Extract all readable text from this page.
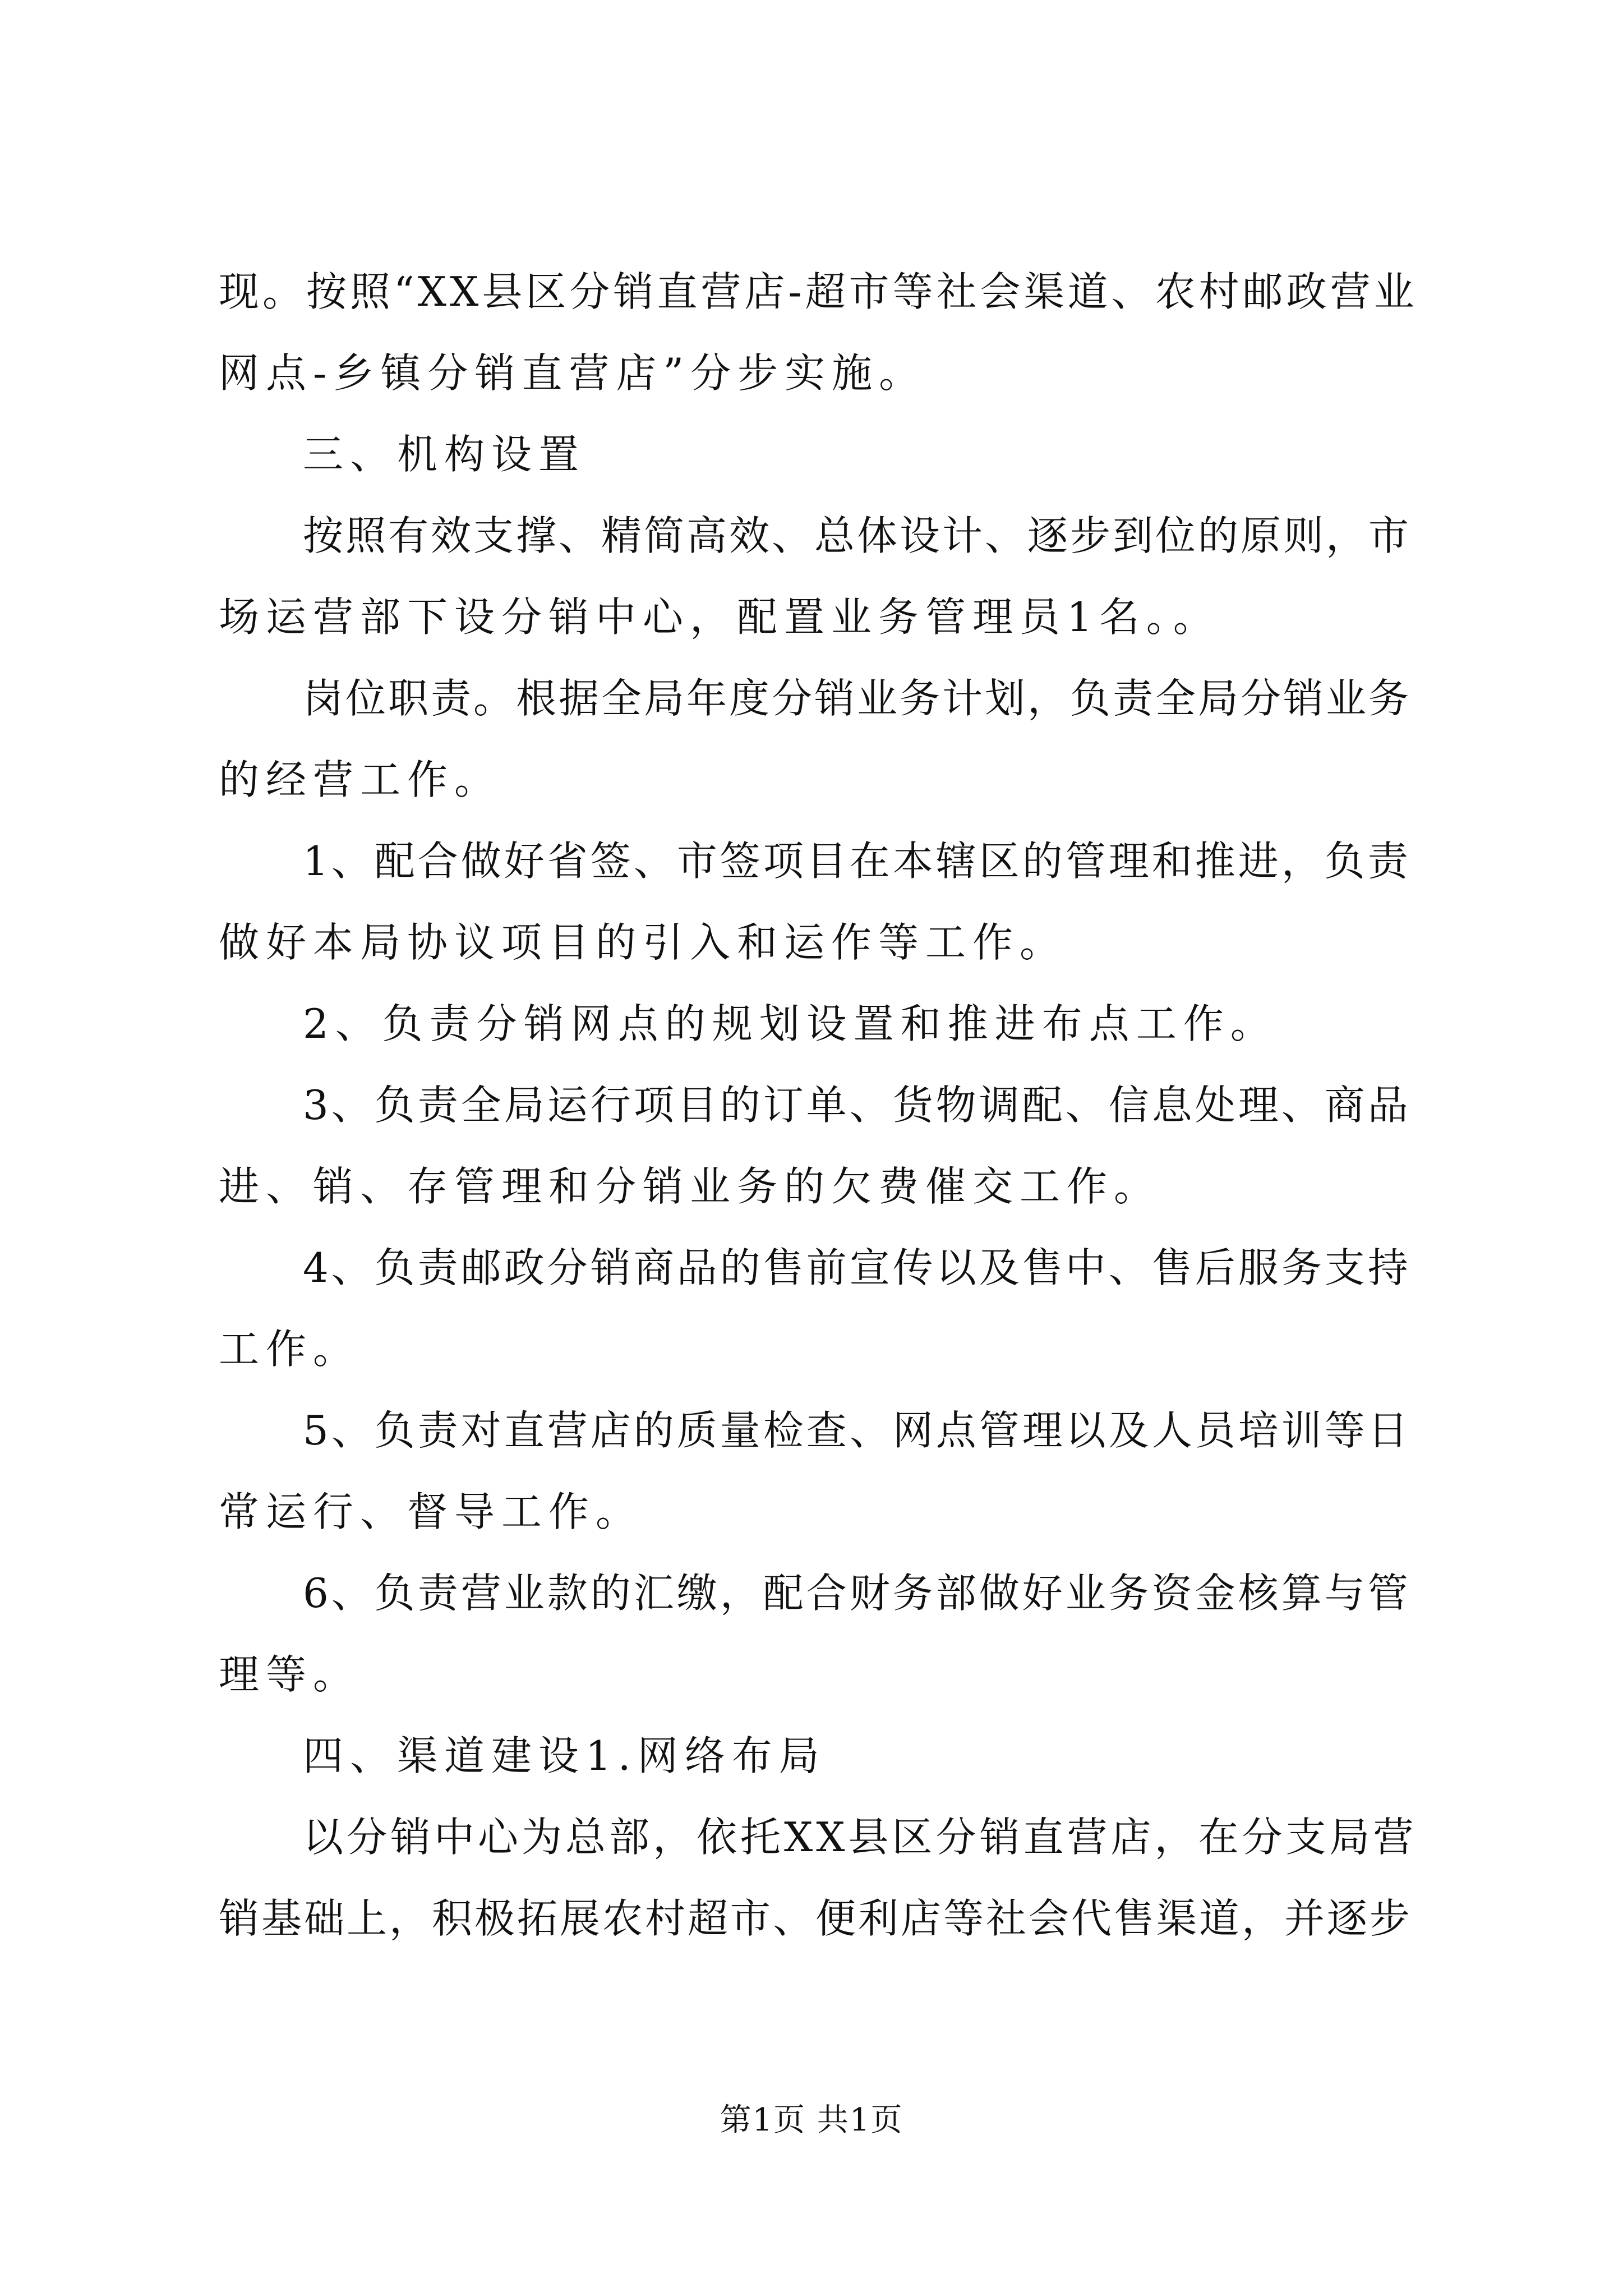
现。按照“XX县区分销直营店-超市等社会渠道、农村邮政营业
网点-乡镇分销直营店”分步实施。
三、机构设置
按照有效支撑、精简高效、总体设计、逐步到位的原则，市
场运营部下设分销中心，配置业务管理员1名。。
岗位职责。根据全局年度分销业务计划，负责全局分销业务
的经营工作。
1、配合做好省签、市签项目在本辖区的管理和推进，负责
做好本局协议项目的引入和运作等工作。
2、负责分销网点的规划设置和推进布点工作。
3、负责全局运行项目的订单、货物调配、信息处理、商品
进、销、存管理和分销业务的欠费催交工作。
4、负责邮政分销商品的售前宣传以及售中、售后服务支持
工作。
5、负责对直营店的质量检查、网点管理以及人员培训等日
常运行、督导工作。
6、负责营业款的汇缴，配合财务部做好业务资金核算与管
理等。
四、渠道建设1.网络布局
以分销中心为总部，依托XX县区分销直营店，在分支局营
销基础上，积极拓展农村超市、便利店等社会代售渠道，并逐步
第1页 共1页
